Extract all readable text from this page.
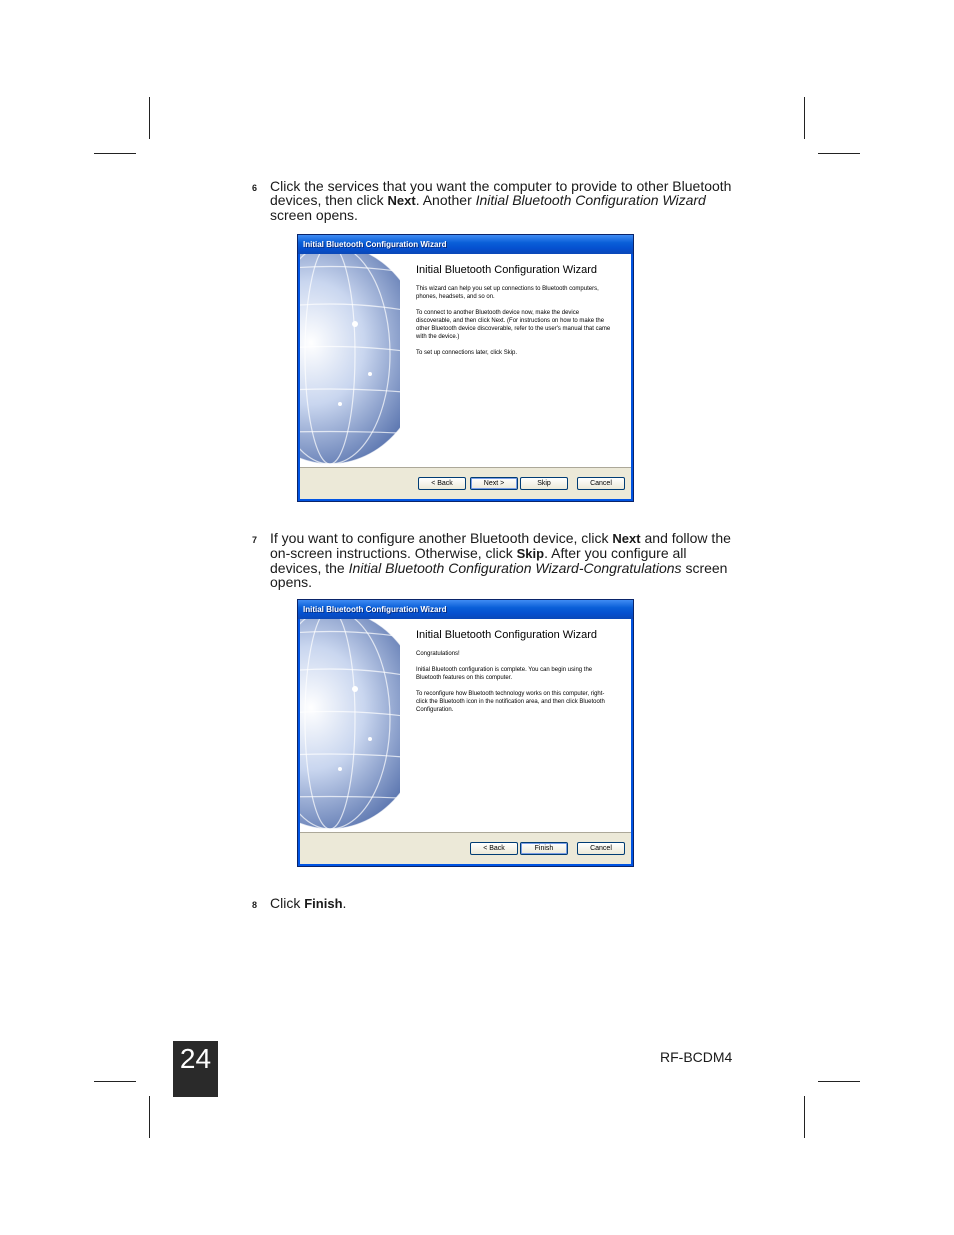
6 Click the services that you want the computer to provide to other Bluetooth devices, then click Next. Another Initial Bluetooth Configuration Wizard screen opens.
Initial Bluetooth Configuration Wizard
Initial Bluetooth Configuration Wizard

This wizard can help you set up connections to Bluetooth computers, phones, headsets, and so on.

To connect to another Bluetooth device now, make the device discoverable, and then click Next. (For instructions on how to make the other Bluetooth device discoverable, refer to the user's manual that came with the device.)

To set up connections later, click Skip.

< Back	Next >	Skip	Cancel
7 If you want to configure another Bluetooth device, click Next and follow the on-screen instructions. Otherwise, click Skip. After you configure all devices, the Initial Bluetooth Configuration Wizard-Congratulations screen opens.
Initial Bluetooth Configuration Wizard
Initial Bluetooth Configuration Wizard

Congratulations!

Initial Bluetooth configuration is complete. You can begin using the Bluetooth features on this computer.

To reconfigure how Bluetooth technology works on this computer, right-click the Bluetooth icon in the notification area, and then click Bluetooth Configuration.

< Back	Finish	Cancel
8 Click Finish.
24	RF-BCDM4
